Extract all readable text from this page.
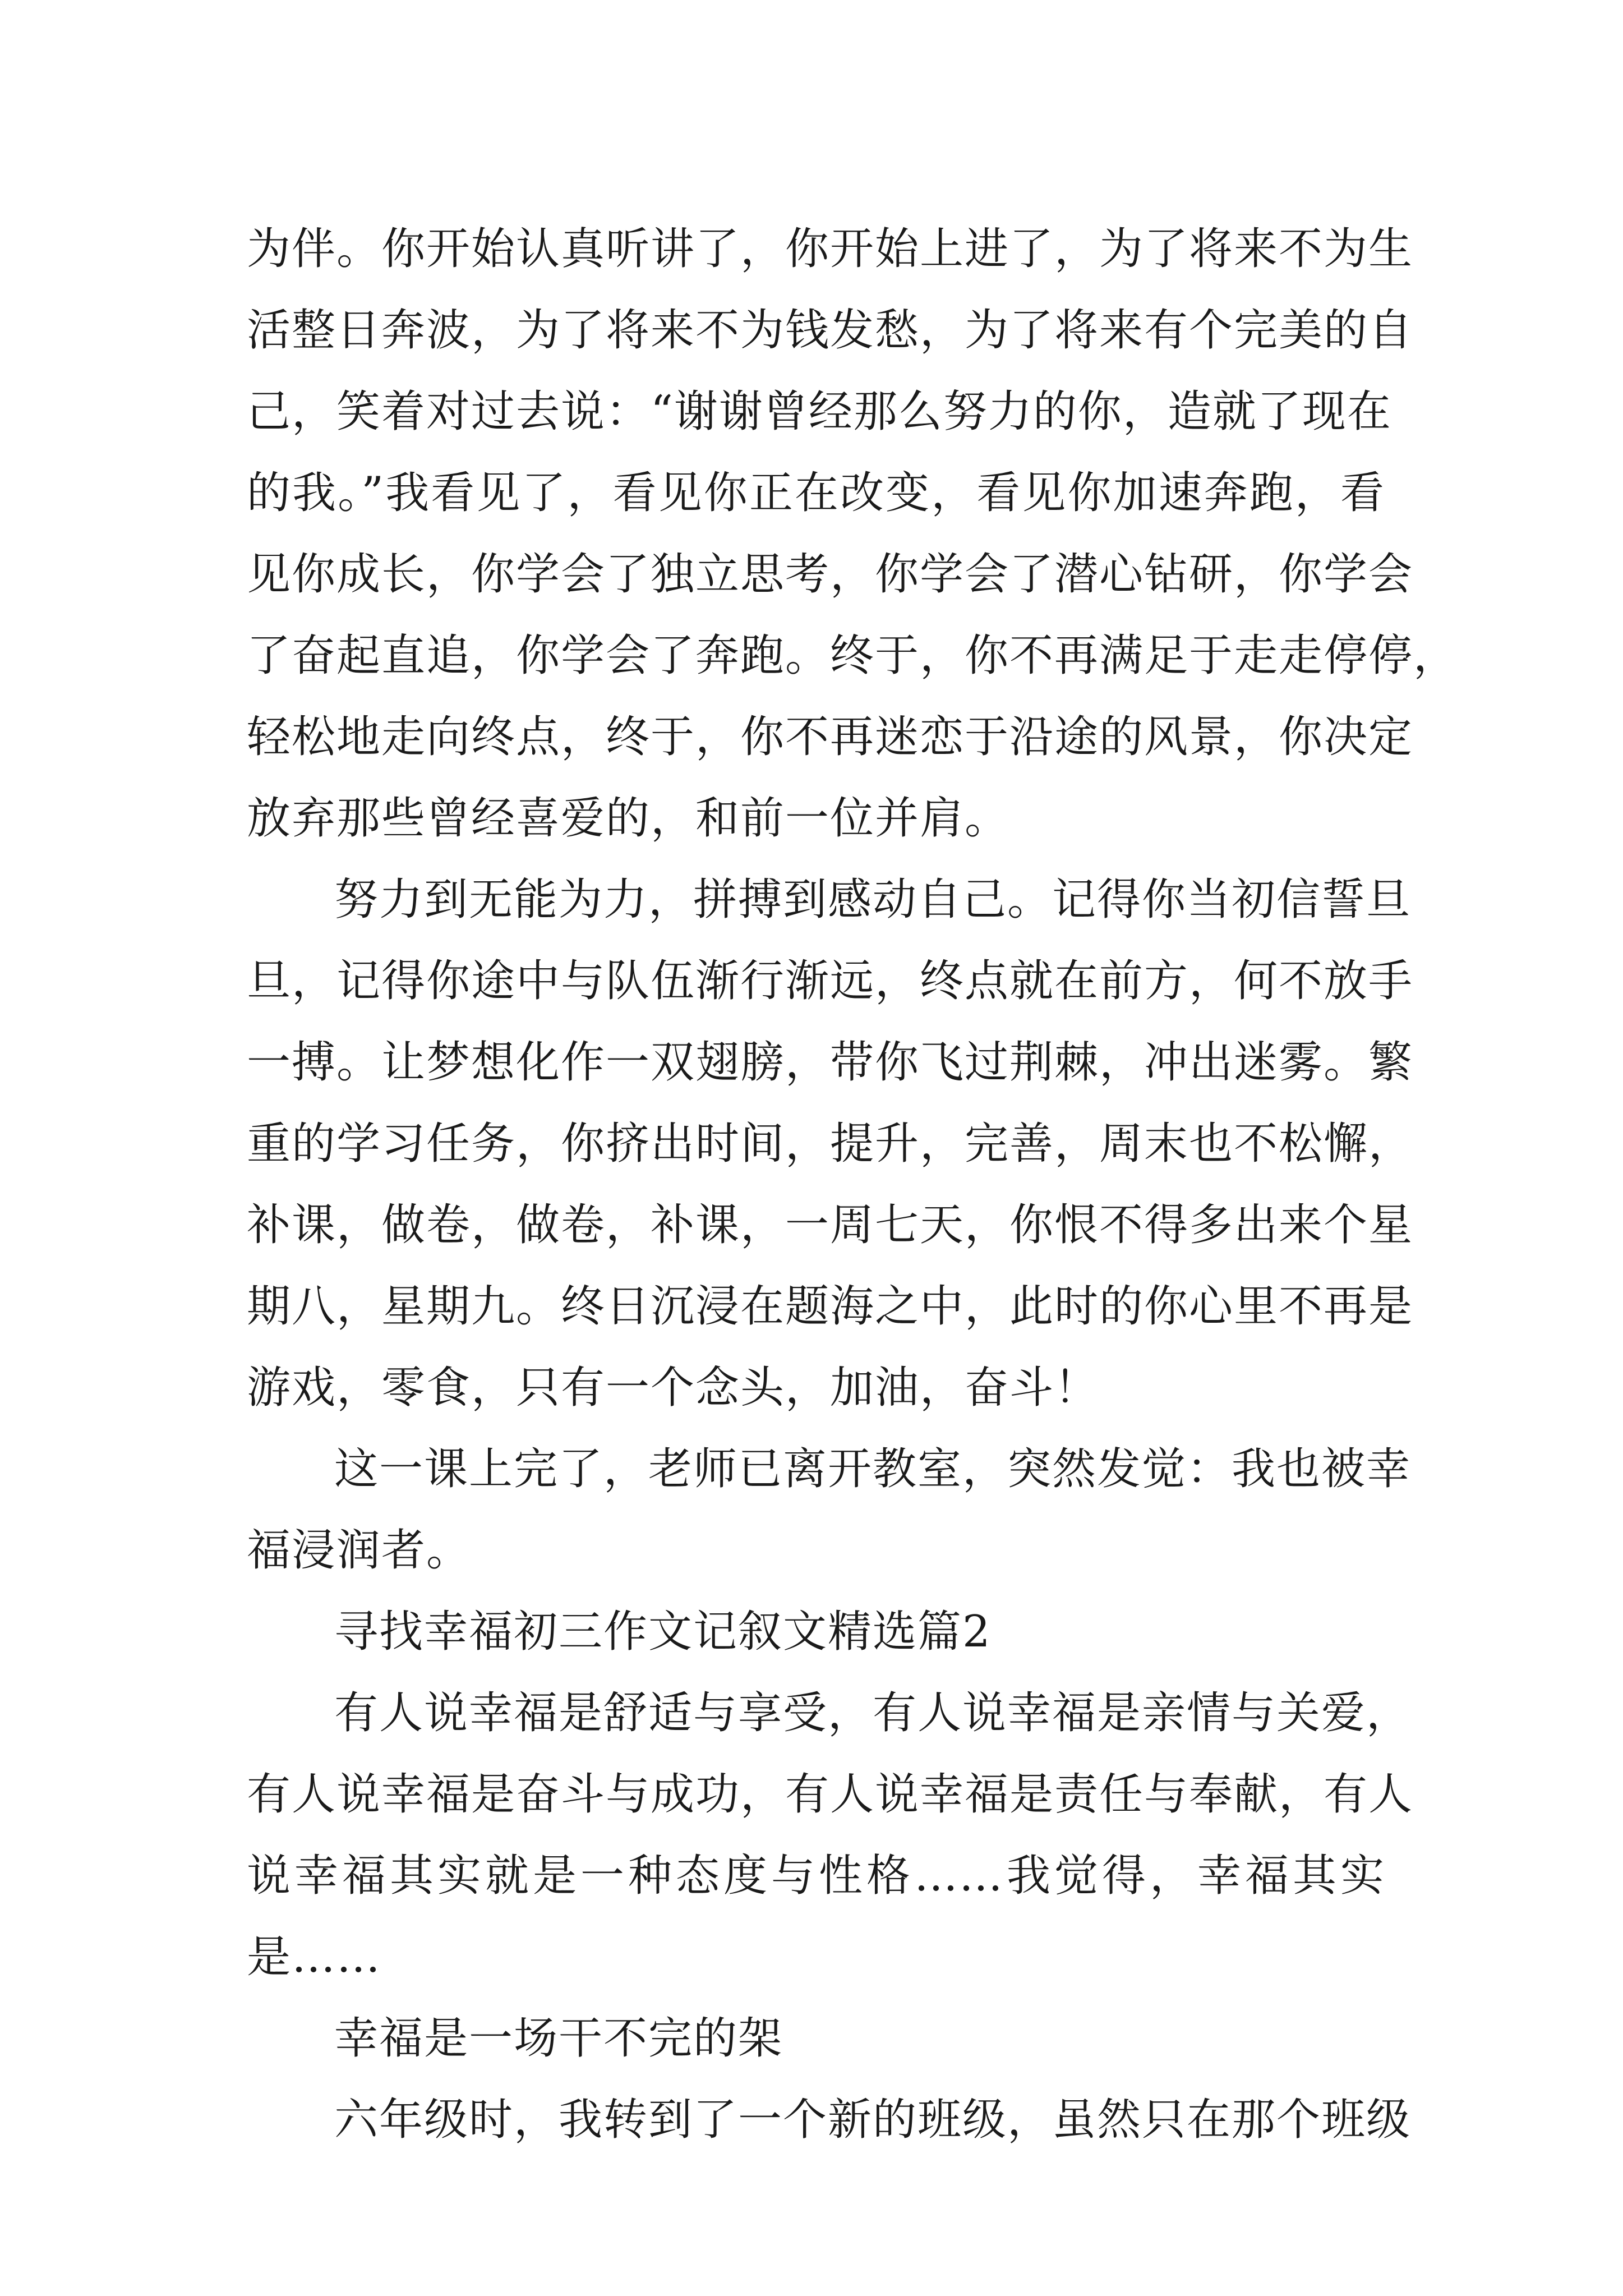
为伴。你开始认真听讲了，你开始上进了，为了将来不为生
活整日奔波，为了将来不为钱发愁，为了将来有个完美的自
己，笑着对过去说：“谢谢曾经那么努力的你，造就了现在
的我。”我看见了，看见你正在改变，看见你加速奔跑，看
见你成长，你学会了独立思考，你学会了潜心钻研，你学会
了奋起直追，你学会了奔跑。终于，你不再满足于走走停停，
轻松地走向终点，终于，你不再迷恋于沿途的风景，你决定
放弃那些曾经喜爱的，和前一位并肩。
努力到无能为力，拼搏到感动自己。记得你当初信誓旦
旦，记得你途中与队伍渐行渐远，终点就在前方，何不放手
一搏。让梦想化作一双翅膀，带你飞过荆棘，冲出迷雾。繁
重的学习任务，你挤出时间，提升，完善，周末也不松懈，
补课，做卷，做卷，补课，一周七天，你恨不得多出来个星
期八，星期九。终日沉浸在题海之中，此时的你心里不再是
游戏，零食，只有一个念头，加油，奋斗！
这一课上完了，老师已离开教室，突然发觉：我也被幸
福浸润者。
寻找幸福初三作文记叙文精选篇2
有人说幸福是舒适与享受，有人说幸福是亲情与关爱，
有人说幸福是奋斗与成功，有人说幸福是责任与奉献，有人
说幸福其实就是一种态度与性格……我觉得，幸福其实
是……
幸福是一场干不完的架
六年级时，我转到了一个新的班级，虽然只在那个班级
